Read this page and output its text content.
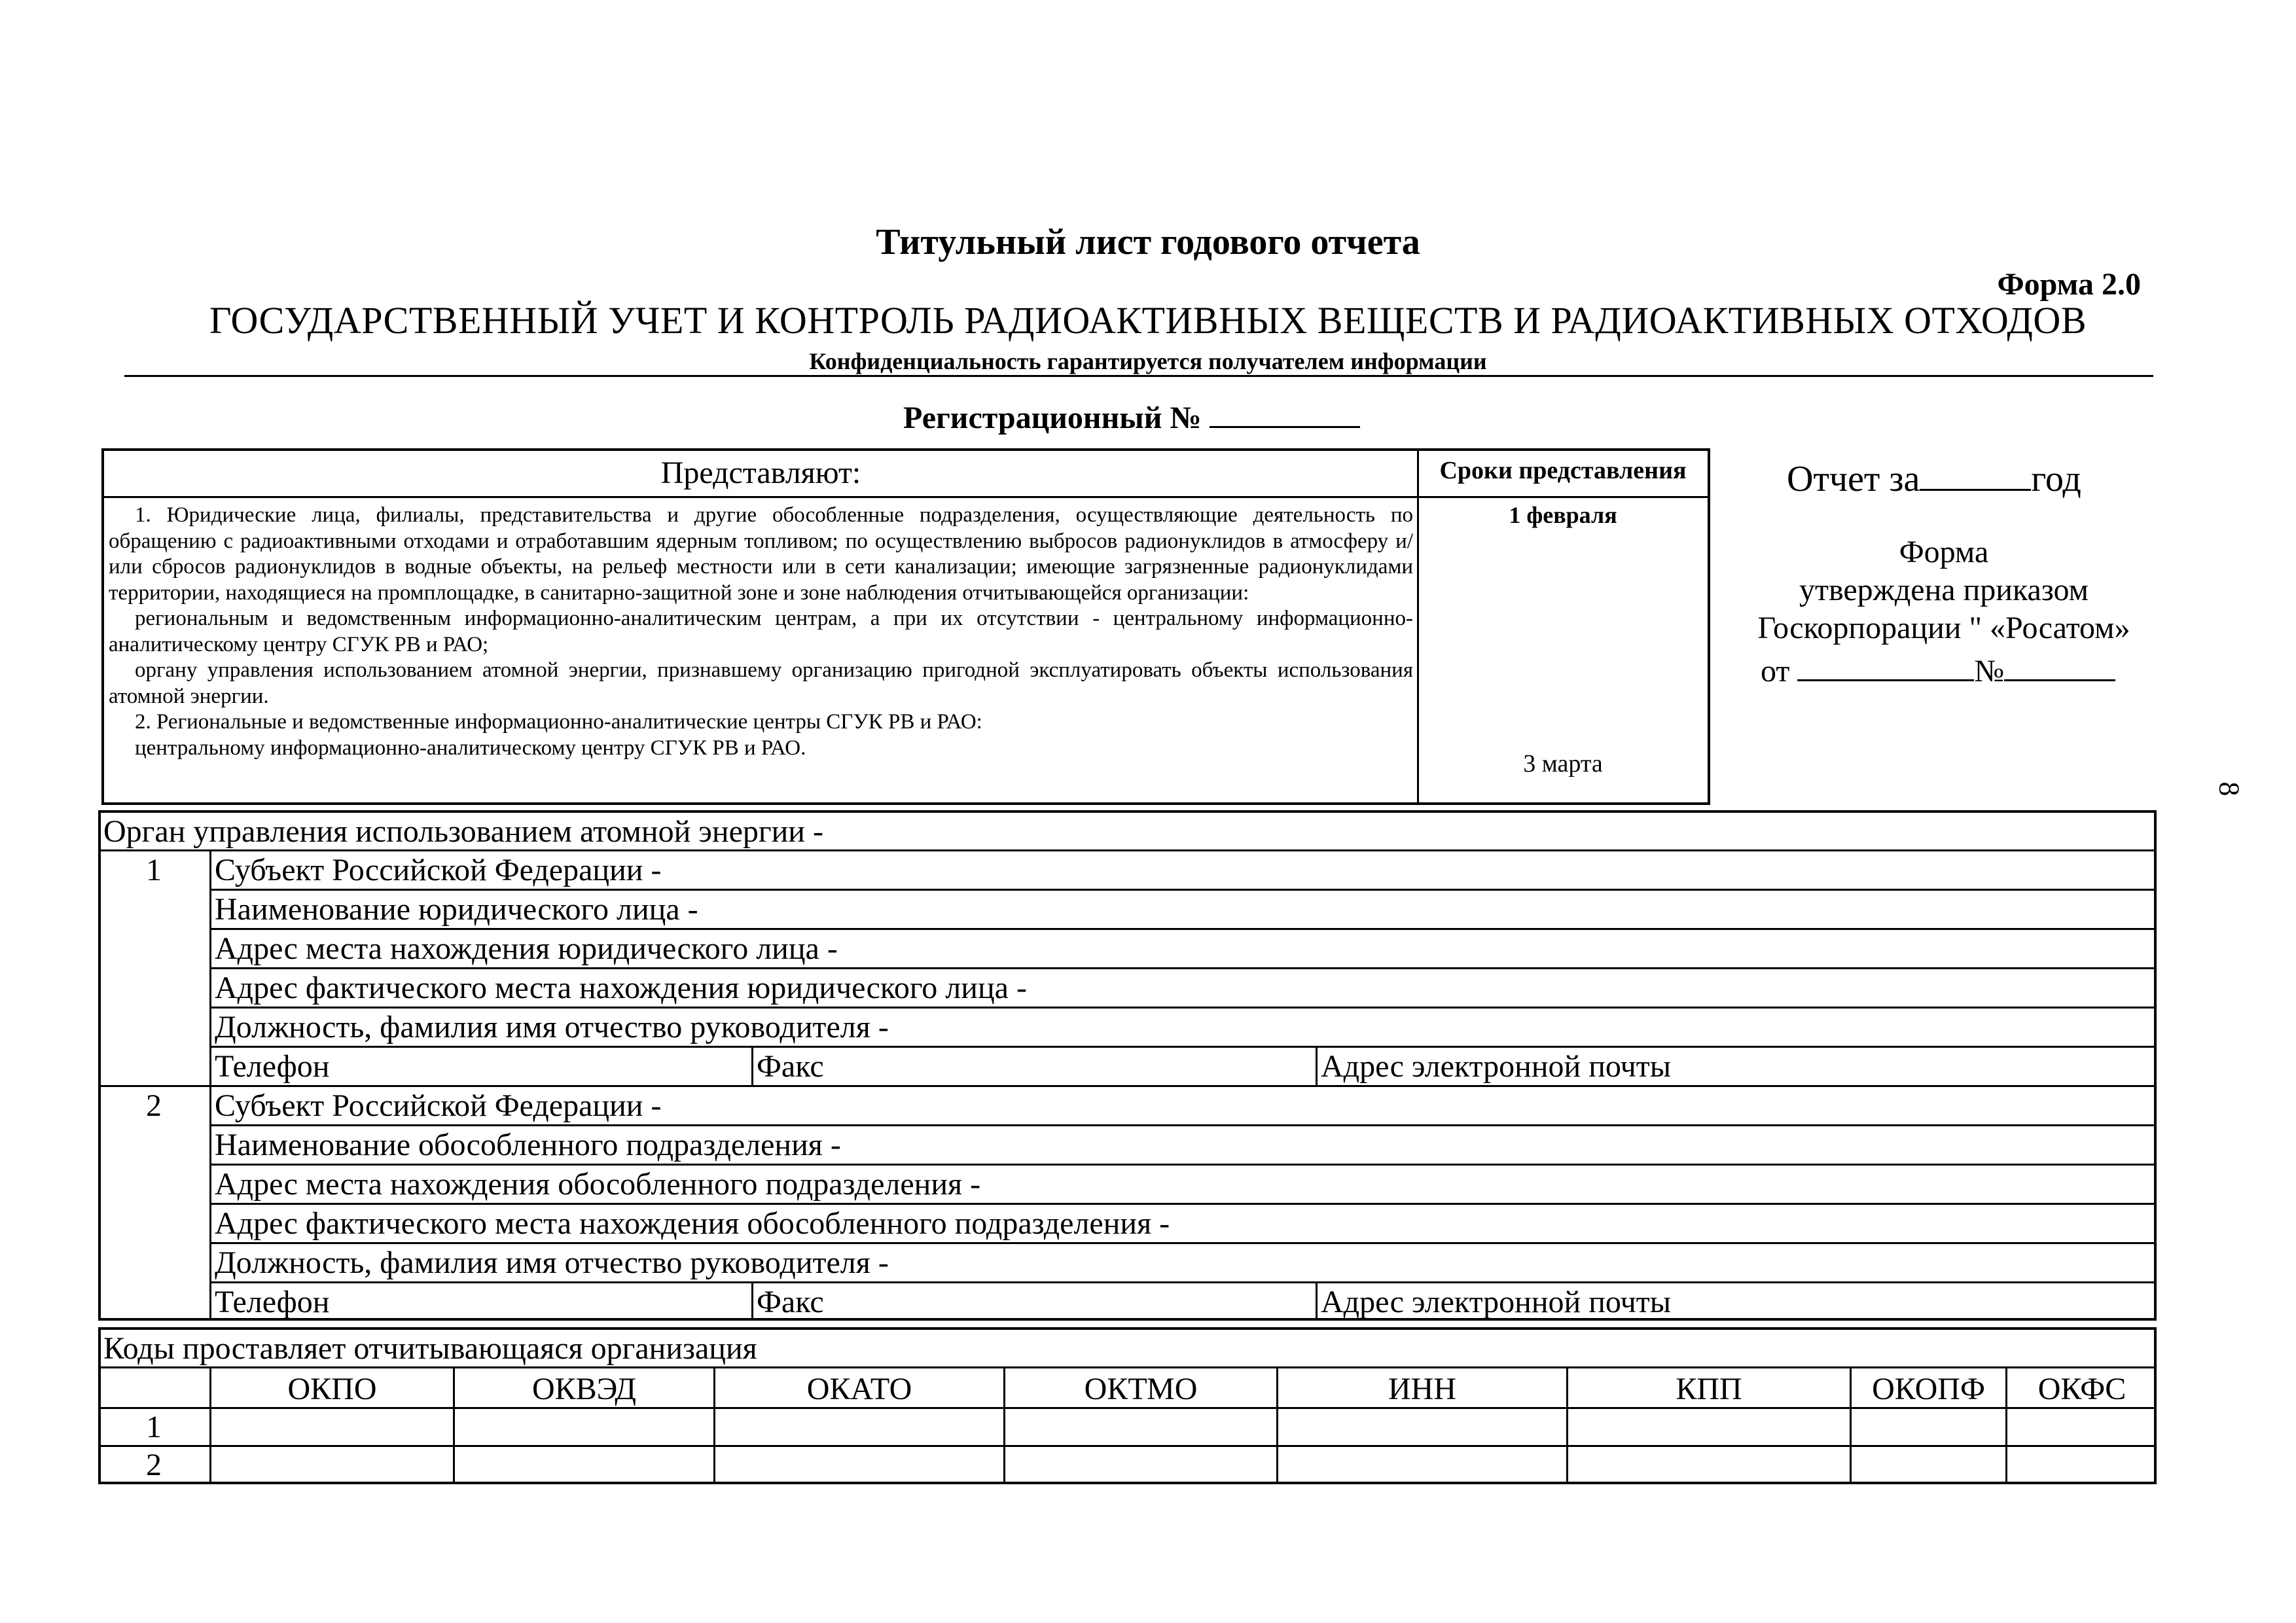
Титульный лист годового отчета
Форма 2.0
ГОСУДАРСТВЕННЫЙ УЧЕТ И КОНТРОЛЬ РАДИОАКТИВНЫХ ВЕЩЕСТВ И РАДИОАКТИВНЫХ ОТХОДОВ
Конфиденциальность гарантируется получателем информации
Регистрационный №
Представляют:	Сроки представления

1. Юридические лица, филиалы, представительства и другие обособленные подразделения, осуществляющие деятельность по обращению с радиоактивными отходами и отработавшим ядерным топливом; по осуществлению выбросов радионуклидов в атмосферу и/или сбросов радионуклидов в водные объекты, на рельеф местности или в сети канализации; имеющие загрязненные радионуклидами территории, находящиеся на промплощадке, в санитарно-защитной зоне и зоне наблюдения отчитывающейся организации:

региональным и ведомственным информационно-аналитическим центрам, а при их отсутствии - центральному информационно-аналитическому центру СГУК РВ и РАО;

органу управления использованием атомной энергии, признавшему организацию пригодной эксплуатировать объекты использования атомной энергии.

2. Региональные и ведомственные информационно-аналитические центры СГУК РВ и РАО:

центральному информационно-аналитическому центру СГУК РВ и РАО.

1 февраля
3 марта
Отчет за	год
Форма
утверждена приказом
Госкорпорации " «Росатом»
от	№
Орган управления использованием атомной энергии -
1	Субъект Российской Федерации -
Наименование юридического лица -
Адрес места нахождения юридического лица -
Адрес фактического места нахождения юридического лица -
Должность, фамилия имя отчество руководителя -
Телефон	Факс	Адрес электронной почты
2	Субъект Российской Федерации -
Наименование обособленного подразделения -
Адрес места нахождения обособленного подразделения -
Адрес фактического места нахождения обособленного подразделения -
Должность, фамилия имя отчество руководителя -
Телефон	Факс	Адрес электронной почты
Коды проставляет отчитывающаяся организация
ОКПО	ОКВЭД	ОКАТО	ОКТМО	ИНН	КПП	ОКОПФ	ОКФС
1
2
8
